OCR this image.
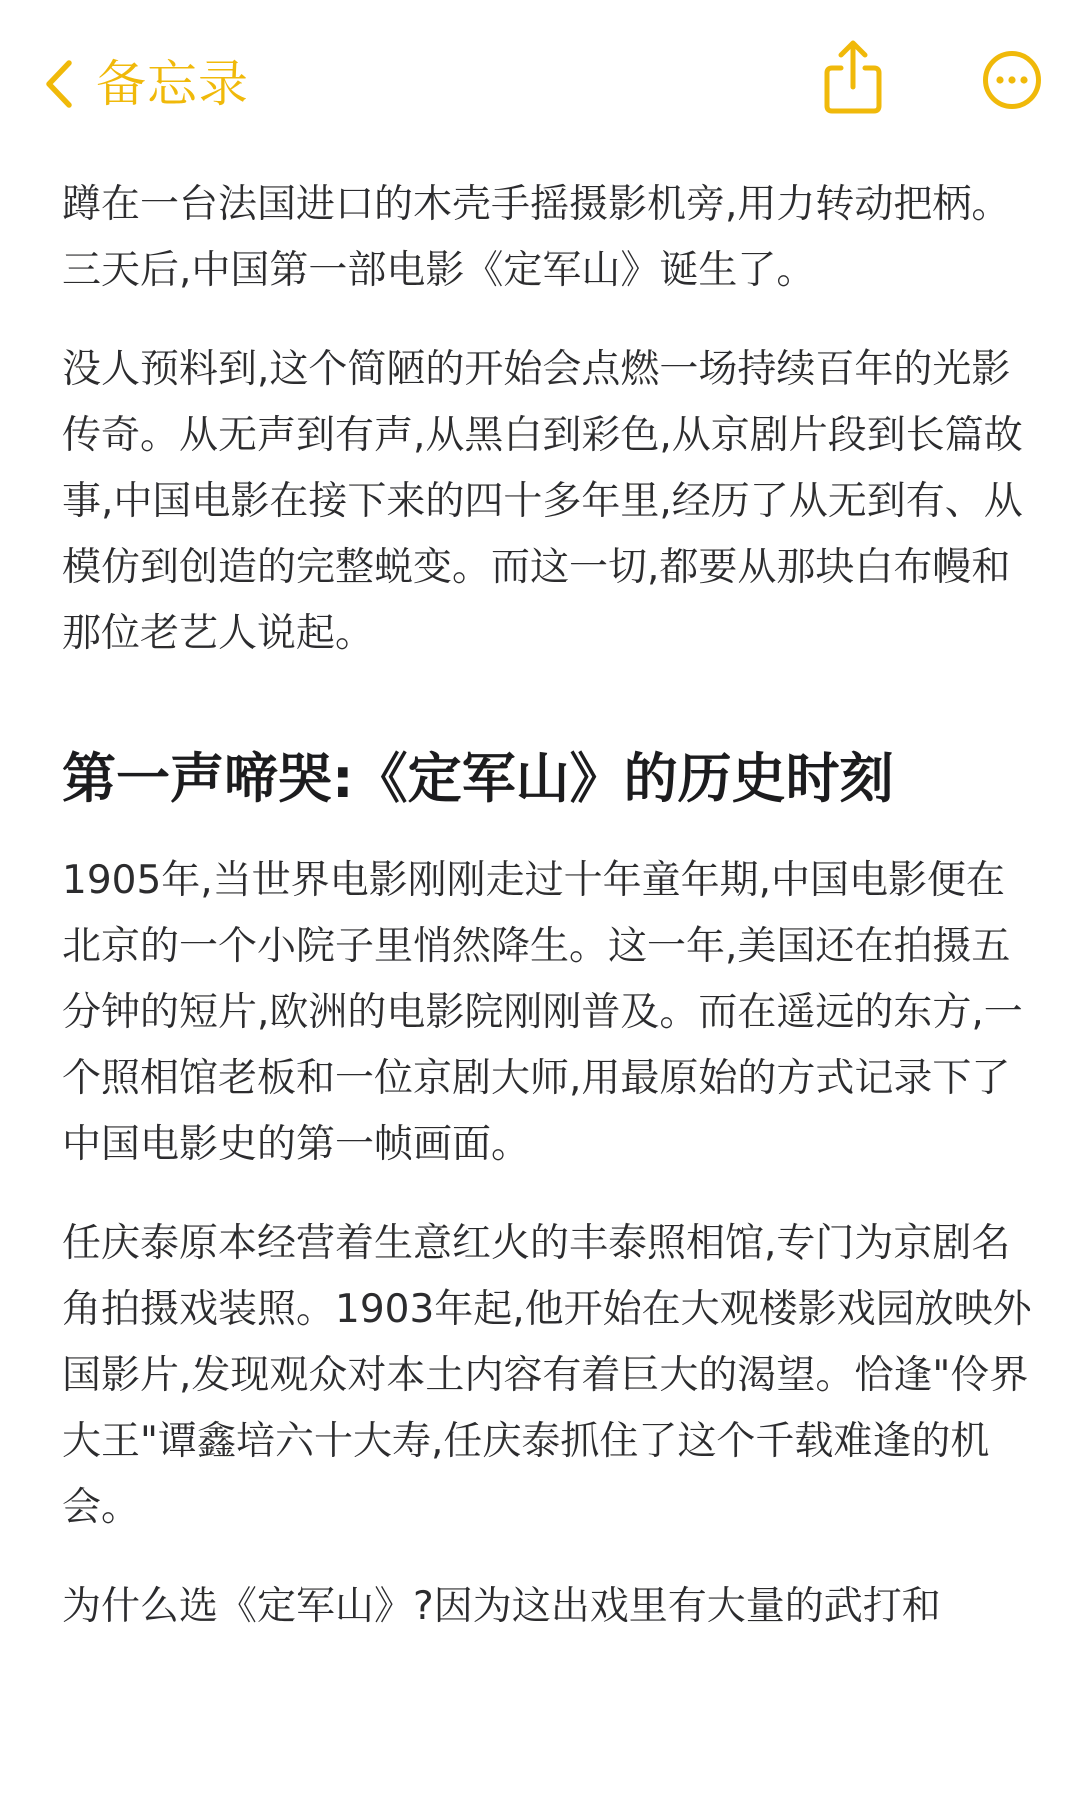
备忘录

蹲在一台法国进口的木壳手摇摄影机旁,用力转动把柄。三天后,中国第一部电影《定军山》诞生了。

没人预料到,这个简陋的开始会点燃一场持续百年的光影传奇。从无声到有声,从黑白到彩色,从京剧片段到长篇故事,中国电影在接下来的四十多年里,经历了从无到有、从模仿到创造的完整蜕变。而这一切,都要从那块白布幔和那位老艺人说起。

第一声啼哭:《定军山》的历史时刻

1905年,当世界电影刚刚走过十年童年期,中国电影便在北京的一个小院子里悄然降生。这一年,美国还在拍摄五分钟的短片,欧洲的电影院刚刚普及。而在遥远的东方,一个照相馆老板和一位京剧大师,用最原始的方式记录下了中国电影史的第一帧画面。

任庆泰原本经营着生意红火的丰泰照相馆,专门为京剧名角拍摄戏装照。1903年起,他开始在大观楼影戏园放映外国影片,发现观众对本土内容有着巨大的渴望。恰逢"伶界大王"谭鑫培六十大寿,任庆泰抓住了这个千载难逢的机会。

为什么选《定军山》?因为这出戏里有大量的武打和
